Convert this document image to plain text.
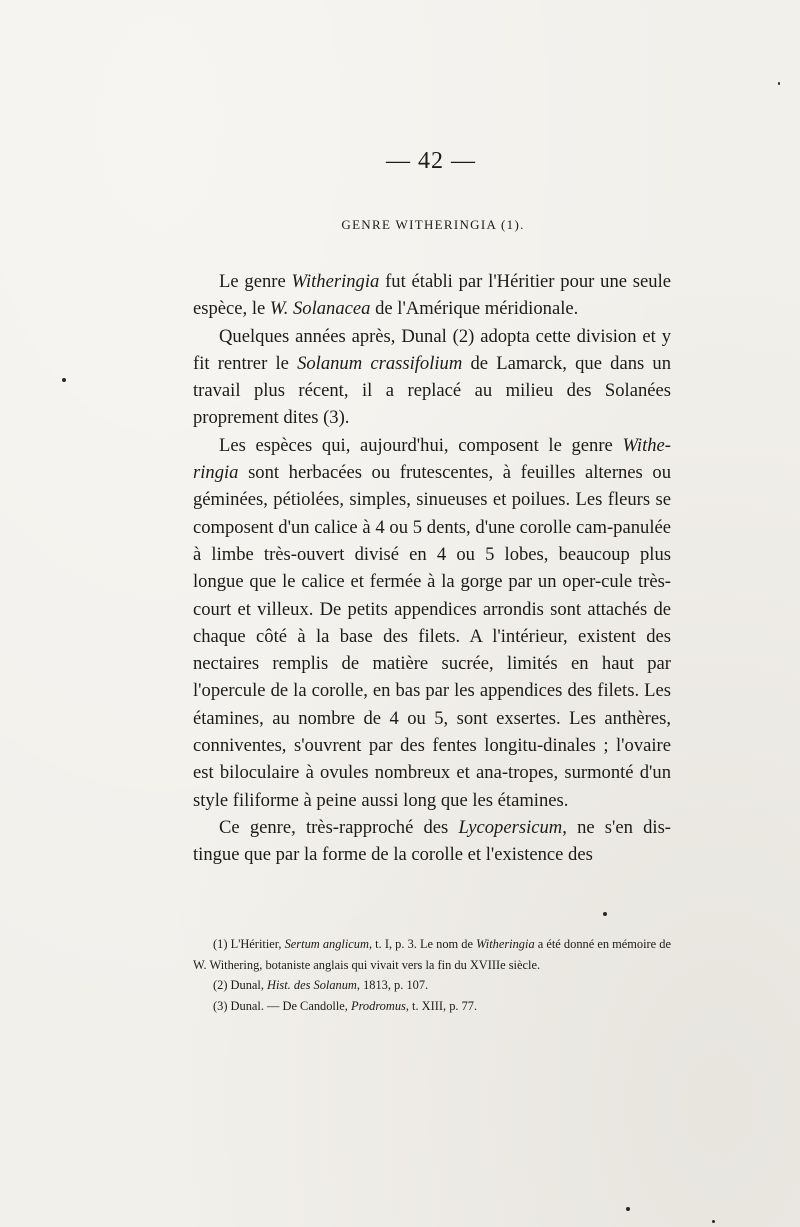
— 42 —
GENRE WITHERINGIA (1).

Le genre Witheringia fut établi par l'Héritier pour une seule espèce, le W. Solanacea de l'Amérique méridionale.

Quelques années après, Dunal (2) adopta cette division et y fit rentrer le Solanum crassifolium de Lamarck, que dans un travail plus récent, il a replacé au milieu des Solanées proprement dites (3).

Les espèces qui, aujourd'hui, composent le genre Withe-ringia sont herbacées ou frutescentes, à feuilles alternes ou géminées, pétiolées, simples, sinueuses et poilues. Les fleurs se composent d'un calice à 4 ou 5 dents, d'une corolle cam-panulée à limbe très-ouvert divisé en 4 ou 5 lobes, beaucoup plus longue que le calice et fermée à la gorge par un oper-cule très-court et villeux. De petits appendices arrondis sont attachés de chaque côté à la base des filets. A l'intérieur, existent des nectaires remplis de matière sucrée, limités en haut par l'opercule de la corolle, en bas par les appendices des filets. Les étamines, au nombre de 4 ou 5, sont exsertes. Les anthères, conniventes, s'ouvrent par des fentes longitu-dinales ; l'ovaire est biloculaire à ovules nombreux et ana-tropes, surmonté d'un style filiforme à peine aussi long que les étamines.

Ce genre, très-rapproché des Lycopersicum, ne s'en dis-tingue que par la forme de la corolle et l'existence des

(1) L'Héritier, Sertum anglicum, t. I, p. 3. Le nom de Witheringia a été donné en mémoire de W. Withering, botaniste anglais qui vivait vers la fin du XVIIIe siècle.

(2) Dunal, Hist. des Solanum, 1813, p. 107.

(3) Dunal. — De Candolle, Prodromus, t. XIII, p. 77.
